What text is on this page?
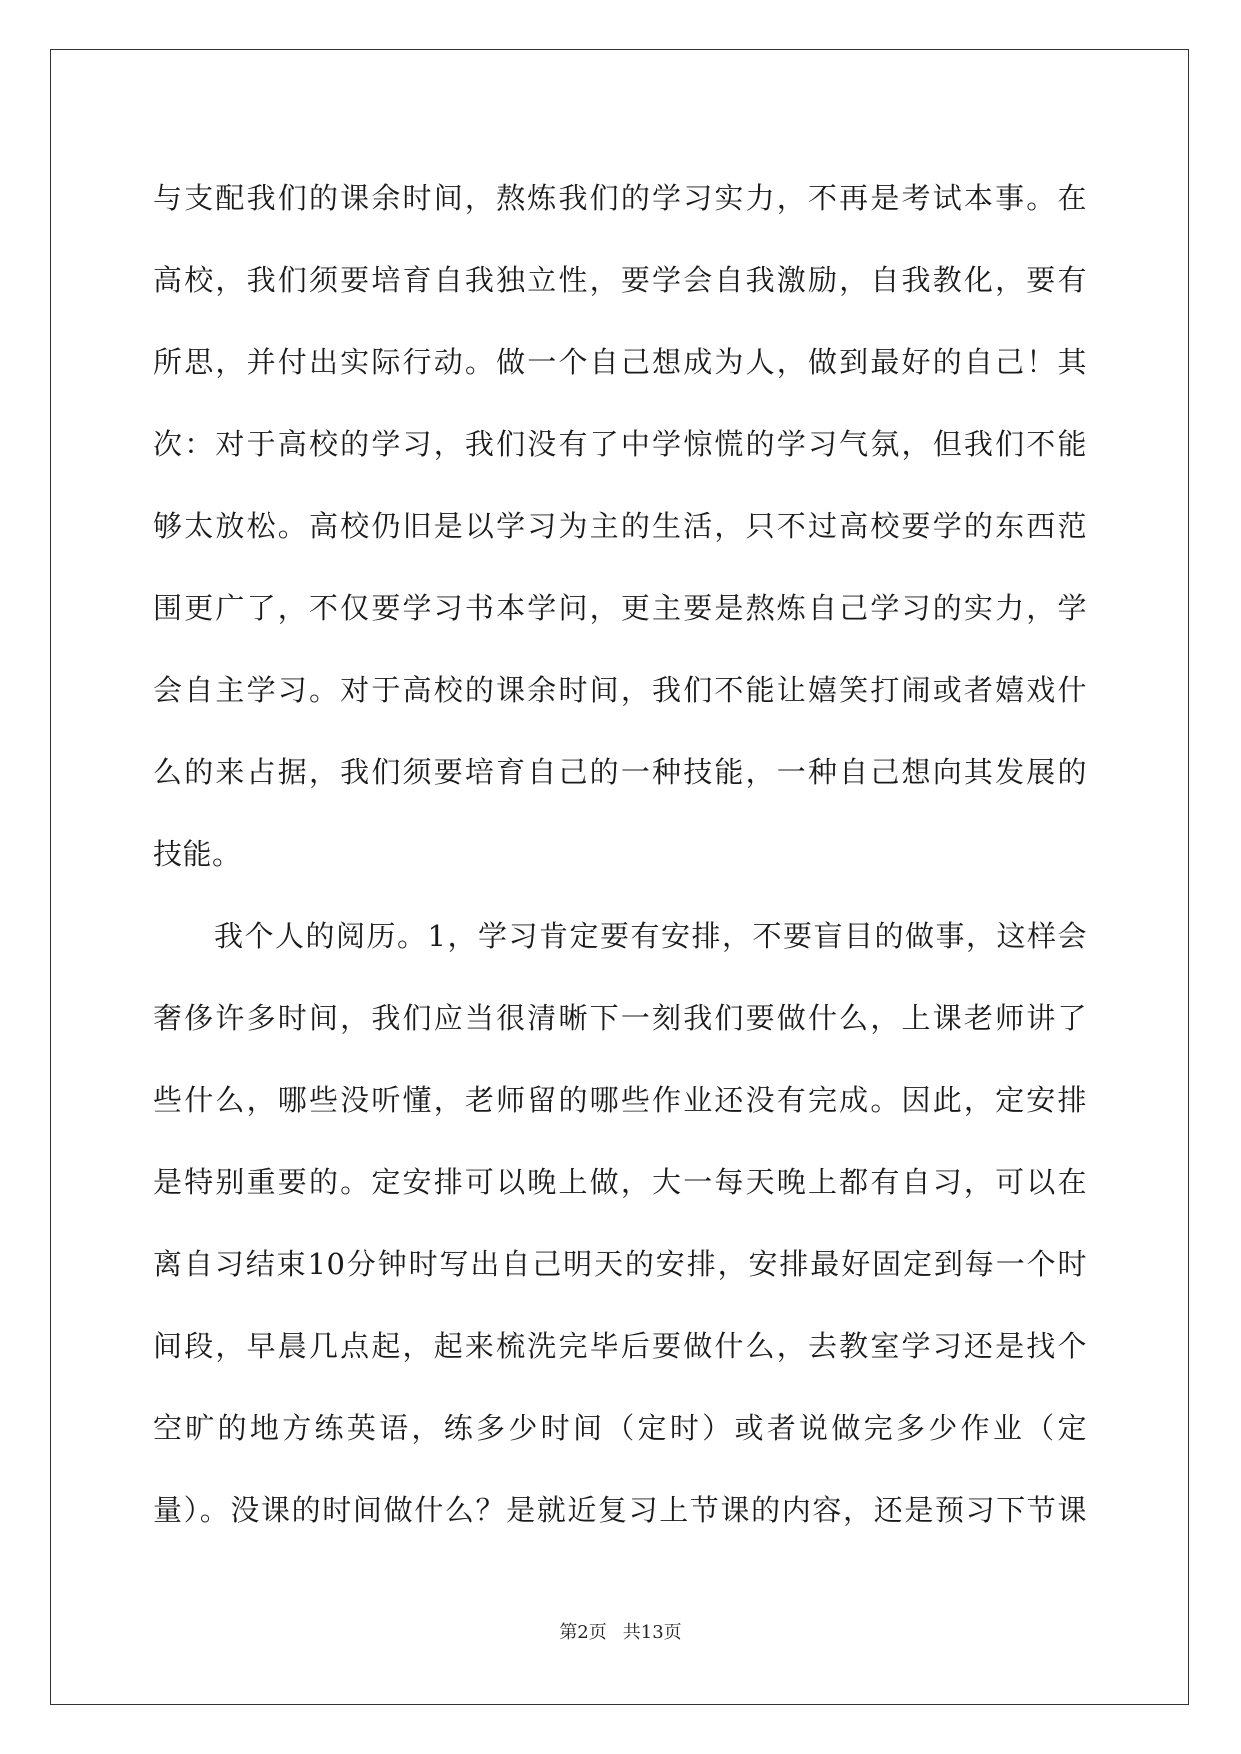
与支配我们的课余时间，熬炼我们的学习实力，不再是考试本事。在
高校，我们须要培育自我独立性，要学会自我激励，自我教化，要有
所思，并付出实际行动。做一个自己想成为人，做到最好的自己！其
次：对于高校的学习，我们没有了中学惊慌的学习气氛，但我们不能
够太放松。高校仍旧是以学习为主的生活，只不过高校要学的东西范
围更广了，不仅要学习书本学问，更主要是熬炼自己学习的实力，学
会自主学习。对于高校的课余时间，我们不能让嬉笑打闹或者嬉戏什
么的来占据，我们须要培育自己的一种技能，一种自己想向其发展的
技能。
我个人的阅历。1，学习肯定要有安排，不要盲目的做事，这样会
奢侈许多时间，我们应当很清晰下一刻我们要做什么，上课老师讲了
些什么，哪些没听懂，老师留的哪些作业还没有完成。因此，定安排
是特别重要的。定安排可以晚上做，大一每天晚上都有自习，可以在
离自习结束10分钟时写出自己明天的安排，安排最好固定到每一个时
间段，早晨几点起，起来梳洗完毕后要做什么，去教室学习还是找个
空旷的地方练英语，练多少时间（定时）或者说做完多少作业（定
量）。没课的时间做什么？是就近复习上节课的内容，还是预习下节课
第2页 共13页
